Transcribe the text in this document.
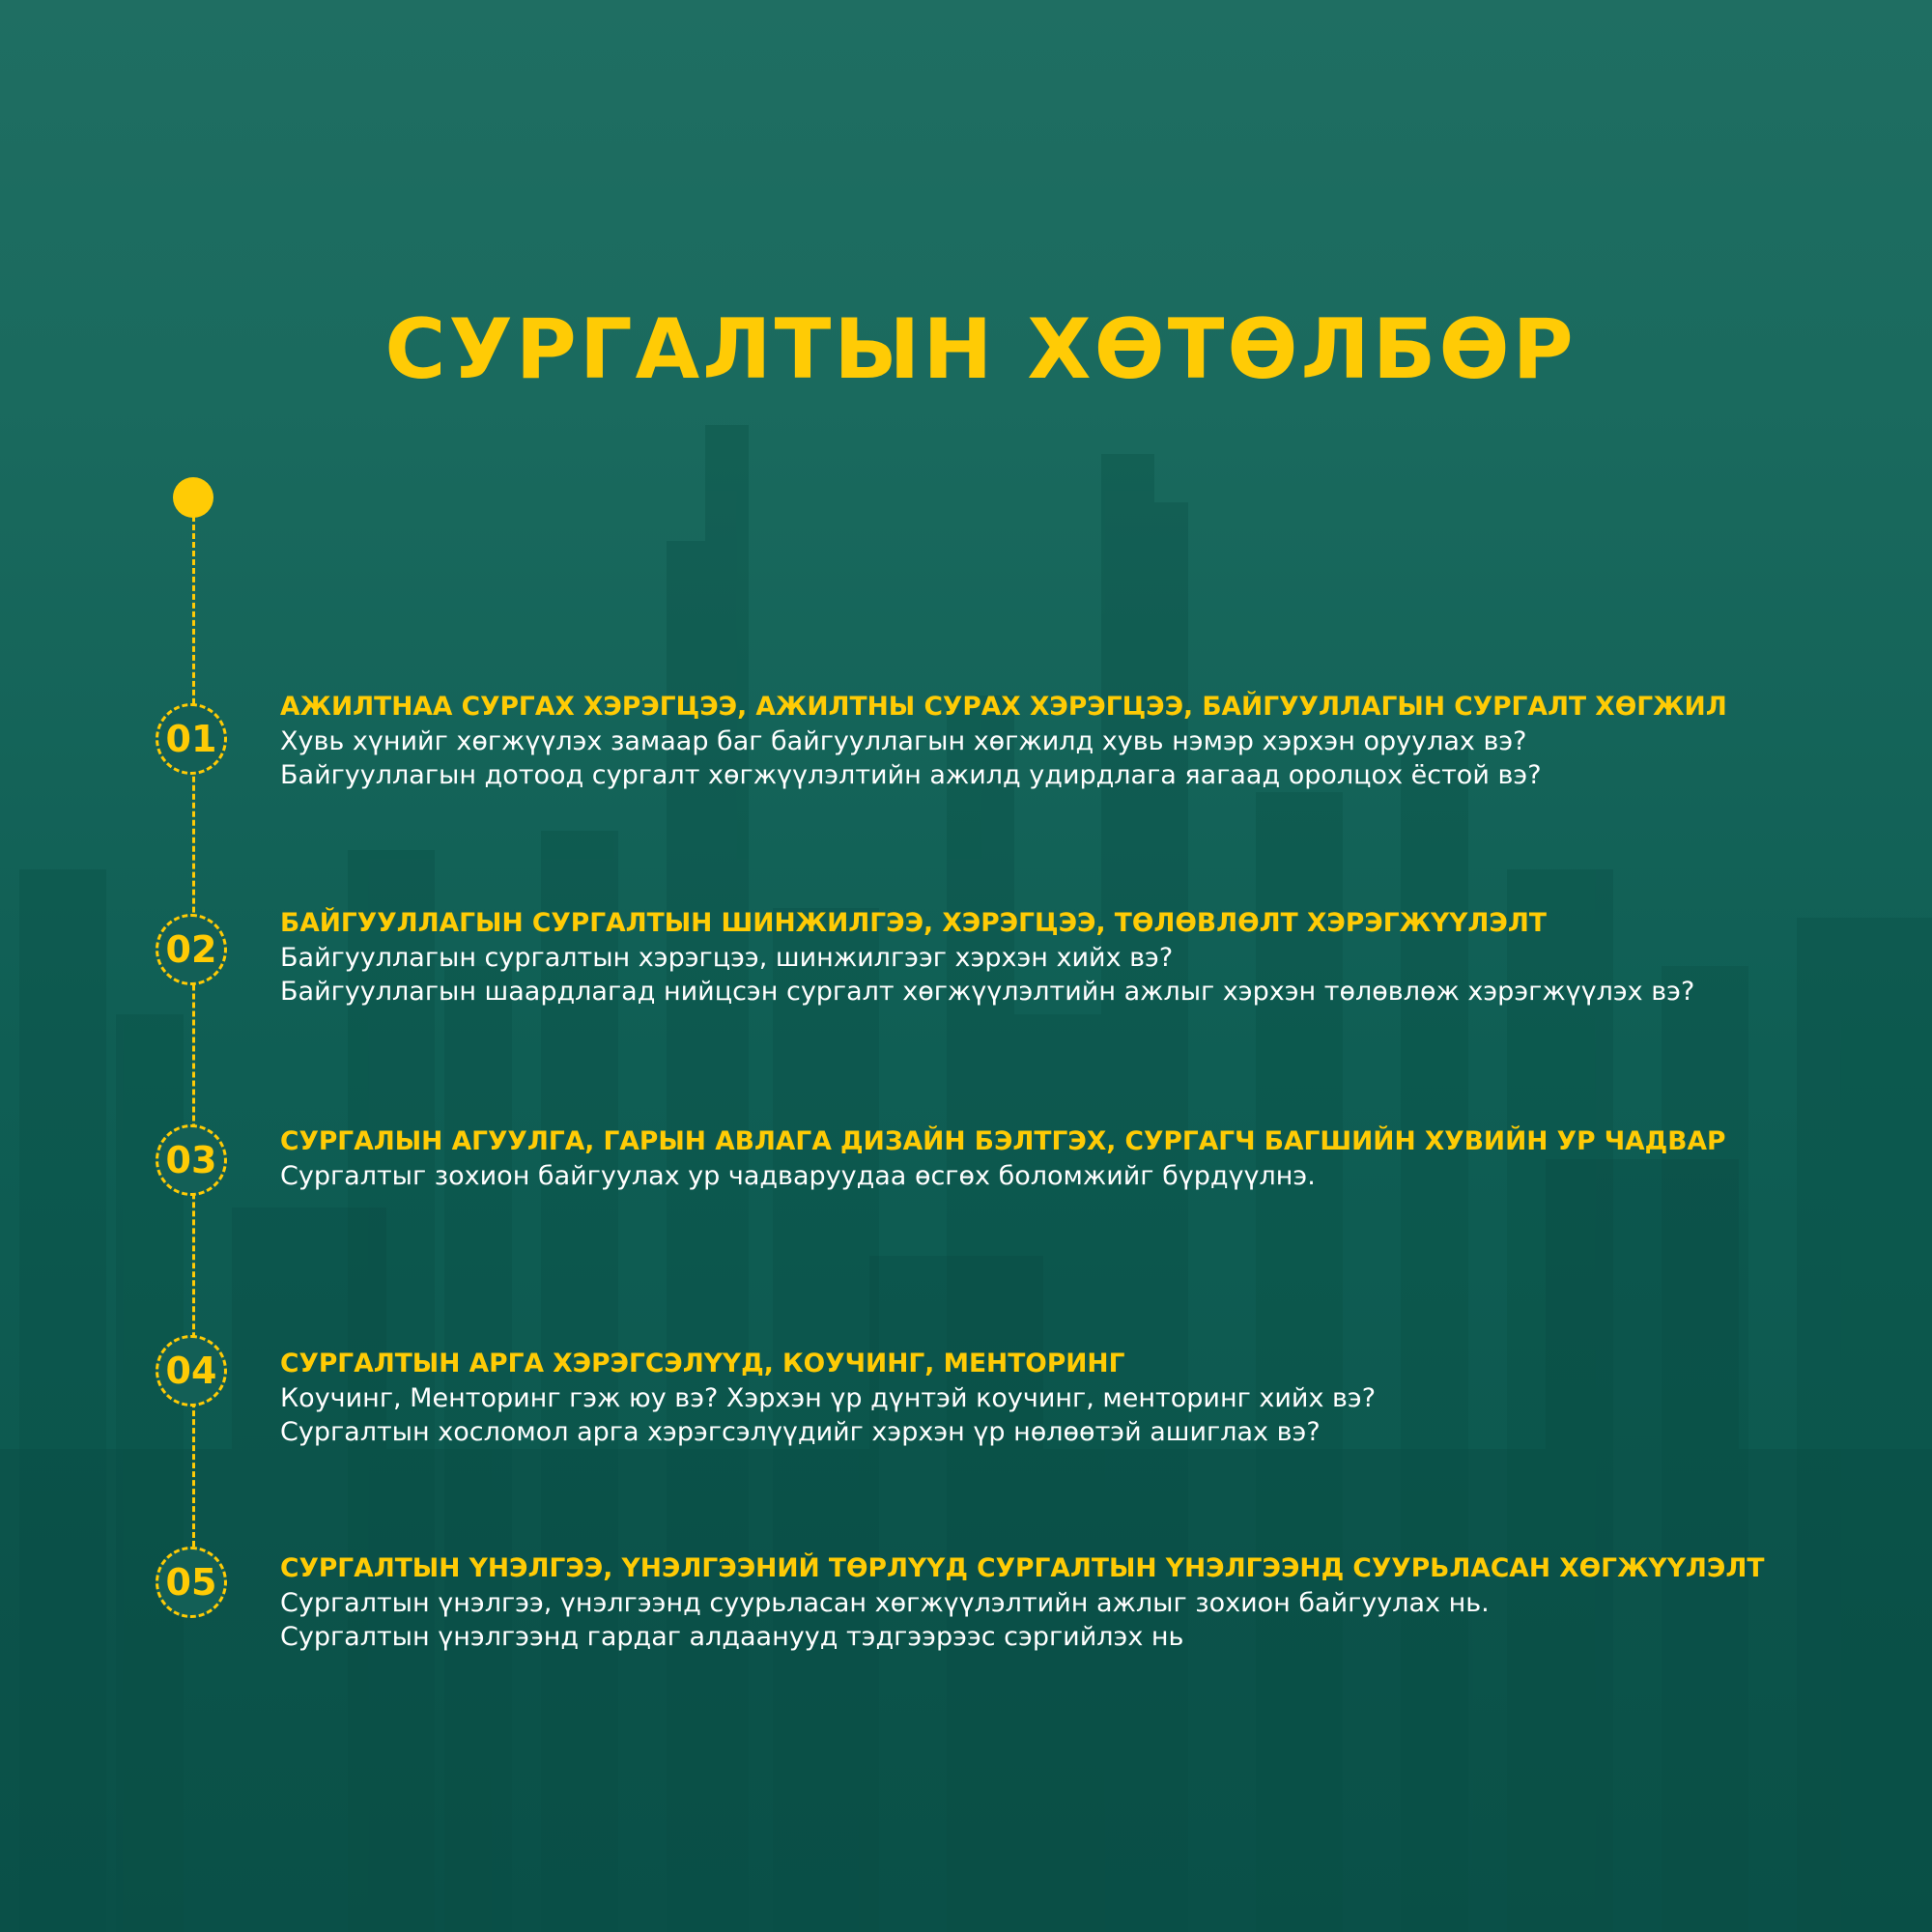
СУРГАЛТЫН ХӨТӨЛБӨР
01
АЖИЛТНАА СУРГАХ ХЭРЭГЦЭЭ, АЖИЛТНЫ СУРАХ ХЭРЭГЦЭЭ, БАЙГУУЛЛАГЫН СУРГАЛТ ХӨГЖИЛ
Хувь хүнийг хөгжүүлэх замаар баг байгууллагын хөгжилд хувь нэмэр хэрхэн оруулах вэ?
Байгууллагын дотоод сургалт хөгжүүлэлтийн ажилд удирдлага яагаад оролцох ёстой вэ?
02
БАЙГУУЛЛАГЫН СУРГАЛТЫН ШИНЖИЛГЭЭ, ХЭРЭГЦЭЭ, ТӨЛӨВЛӨЛТ ХЭРЭГЖҮҮЛЭЛТ
Байгууллагын сургалтын хэрэгцээ, шинжилгээг хэрхэн хийх вэ?
Байгууллагын шаардлагад нийцсэн сургалт хөгжүүлэлтийн ажлыг хэрхэн төлөвлөж хэрэгжүүлэх вэ?
03	СУРГАЛЫН АГУУЛГА, ГАРЫН АВЛАГА ДИЗАЙН БЭЛТГЭХ, СУРГАГЧ БАГШИЙН ХУВИЙН УР ЧАДВАР
Сургалтыг зохион байгуулах ур чадваруудаа өсгөх боломжийг бүрдүүлнэ.
04	СУРГАЛТЫН АРГА ХЭРЭГСЭЛҮҮД, КОУЧИНГ, МЕНТОРИНГ
Коучинг, Менторинг гэж юу вэ? Хэрхэн үр дүнтэй коучинг, менторинг хийх вэ?
Сургалтын хосломол арга хэрэгсэлүүдийг хэрхэн үр нөлөөтэй ашиглах вэ?
05	СУРГАЛТЫН ҮНЭЛГЭЭ, ҮНЭЛГЭЭНИЙ ТӨРЛҮҮД СУРГАЛТЫН ҮНЭЛГЭЭНД СУУРЬЛАСАН ХӨГЖҮҮЛЭЛТ
Сургалтын үнэлгээ, үнэлгээнд суурьласан хөгжүүлэлтийн ажлыг зохион байгуулах нь.
Сургалтын үнэлгээнд гардаг алдаанууд тэдгээрээс сэргийлэх нь
